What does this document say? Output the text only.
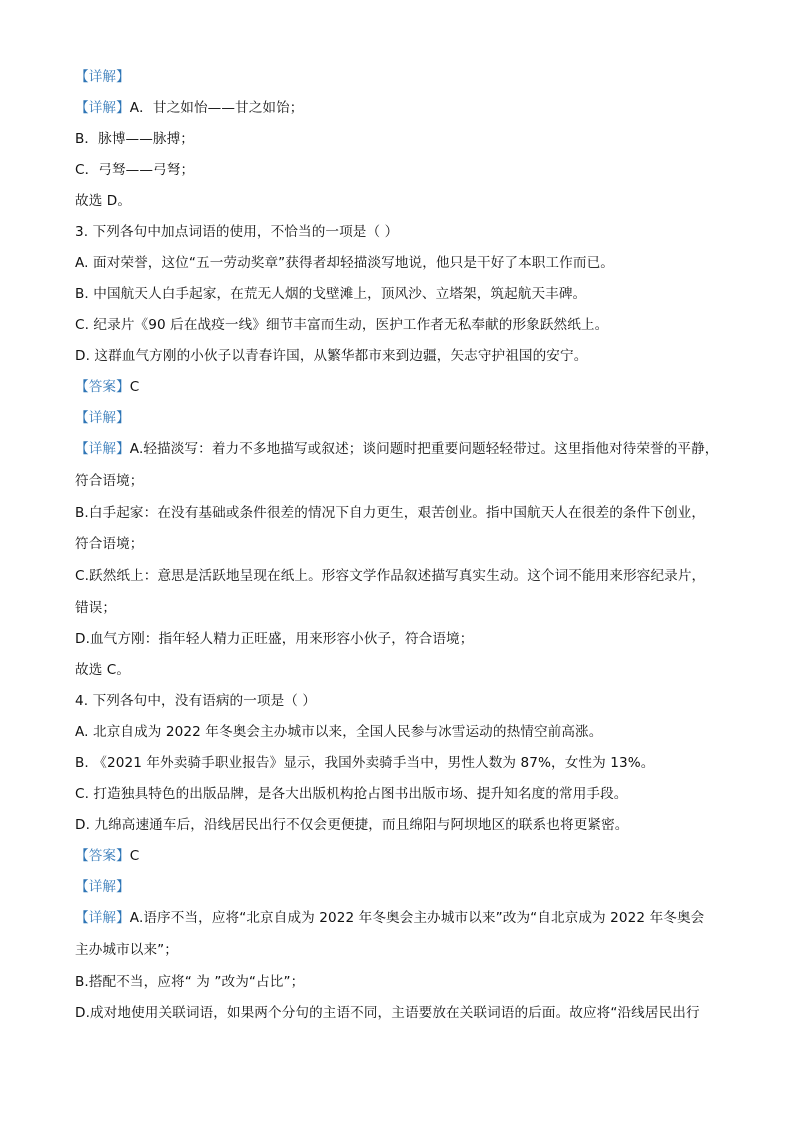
【详解】
【详解】A．甘之如怡——甘之如饴；
B．脉博——脉搏；
C．弓驽——弓弩；
故选 D。
3. 下列各句中加点词语的使用，不恰当的一项是（ ）
A. 面对荣誉，这位“五一劳动奖章”获得者却轻描淡写地说，他只是干好了本职工作而已。
B. 中国航天人白手起家，在荒无人烟的戈壁滩上，顶风沙、立塔架，筑起航天丰碑。
C. 纪录片《90 后在战疫一线》细节丰富而生动，医护工作者无私奉献的形象跃然纸上。
D. 这群血气方刚的小伙子以青春许国，从繁华都市来到边疆，矢志守护祖国的安宁。
【答案】C
【详解】
【详解】A.轻描淡写：着力不多地描写或叙述；谈问题时把重要问题轻轻带过。这里指他对待荣誉的平静，
符合语境；
B.白手起家：在没有基础或条件很差的情况下自力更生，艰苦创业。指中国航天人在很差的条件下创业，
符合语境；
C.跃然纸上：意思是活跃地呈现在纸上。形容文学作品叙述描写真实生动。这个词不能用来形容纪录片，
错误；
D.血气方刚：指年轻人精力正旺盛，用来形容小伙子，符合语境；
故选 C。
4. 下列各句中，没有语病的一项是（ ）
A. 北京自成为 2022 年冬奥会主办城市以来，全国人民参与冰雪运动的热情空前高涨。
B. 《2021 年外卖骑手职业报告》显示，我国外卖骑手当中，男性人数为 87%，女性为 13%。
C. 打造独具特色的出版品牌，是各大出版机构抢占图书出版市场、提升知名度的常用手段。
D. 九绵高速通车后，沿线居民出行不仅会更便捷，而且绵阳与阿坝地区的联系也将更紧密。
【答案】C
【详解】
【详解】A.语序不当，应将“北京自成为 2022 年冬奥会主办城市以来”改为“自北京成为 2022 年冬奥会
主办城市以来”；
B.搭配不当，应将“ 为 ”改为“占比”；
D.成对地使用关联词语，如果两个分句的主语不同，主语要放在关联词语的后面。故应将“沿线居民出行
